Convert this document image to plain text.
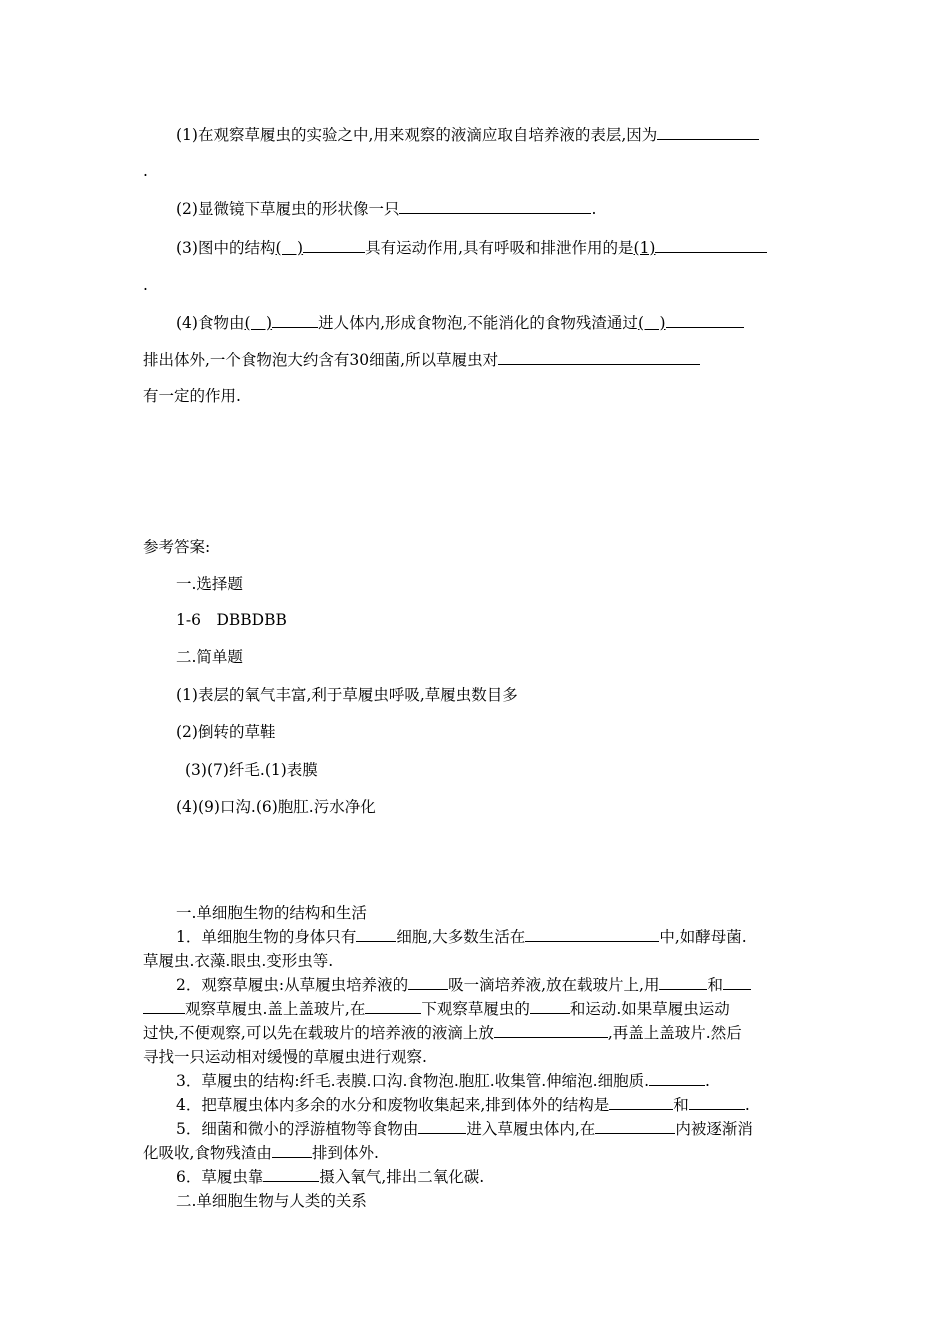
(1)在观察草履虫的实验之中,用来观察的液滴应取自培养液的表层,因为
.
(2)显微镜下草履虫的形状像一只	.
(3)图中的结构(　)	具有运动作用,具有呼吸和排泄作用的是(1)
.
(4)食物由(　)	进人体内,形成食物泡,不能消化的食物残渣通过(　)
排出体外,一个食物泡大约含有30细菌,所以草履虫对
有一定的作用.
参考答案:
一.选择题
1-6　DBBDBB
二.简单题
(1)表层的氧气丰富,利于草履虫呼吸,草履虫数目多
(2)倒转的草鞋
(3)(7)纤毛.(1)表膜
(4)(9)口沟.(6)胞肛.污水净化
一.单细胞生物的结构和生活
1．单细胞生物的身体只有	细胞,大多数生活在	中,如酵母菌.
草履虫.衣藻.眼虫.变形虫等.
2．观察草履虫:从草履虫培养液的	吸一滴培养液,放在载玻片上,用	和
观察草履虫.盖上盖玻片,在	下观察草履虫的	和运动.如果草履虫运动
过快,不便观察,可以先在载玻片的培养液的液滴上放	,再盖上盖玻片.然后
寻找一只运动相对缓慢的草履虫进行观察.
3．草履虫的结构:纤毛.表膜.口沟.食物泡.胞肛.收集管.伸缩泡.细胞质.	.
4．把草履虫体内多余的水分和废物收集起来,排到体外的结构是	和	.
5．细菌和微小的浮游植物等食物由	进入草履虫体内,在	内被逐渐消
化吸收,食物残渣由	排到体外.
6．草履虫靠	摄入氧气,排出二氧化碳.
二.单细胞生物与人类的关系
